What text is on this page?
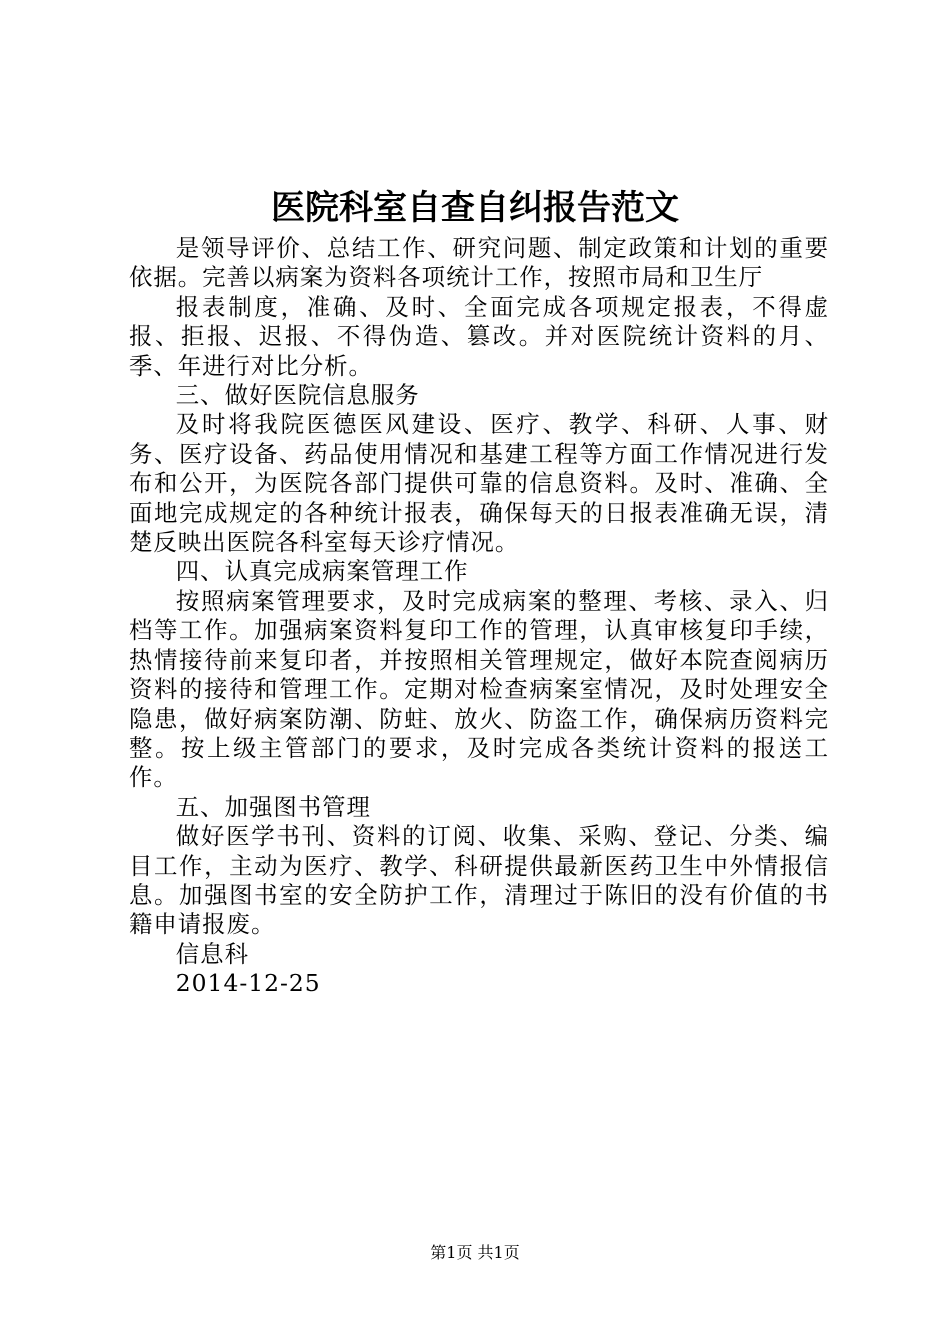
医院科室自查自纠报告范文

是领导评价、总结工作、研究问题、制定政策和计划的重要依据。完善以病案为资料各项统计工作，按照市局和卫生厅

报表制度，准确、及时、全面完成各项规定报表，不得虚报、拒报、迟报、不得伪造、篡改。并对医院统计资料的月、季、年进行对比分析。

三、做好医院信息服务

及时将我院医德医风建设、医疗、教学、科研、人事、财务、医疗设备、药品使用情况和基建工程等方面工作情况进行发布和公开，为医院各部门提供可靠的信息资料。及时、准确、全面地完成规定的各种统计报表，确保每天的日报表准确无误，清楚反映出医院各科室每天诊疗情况。

四、认真完成病案管理工作

按照病案管理要求，及时完成病案的整理、考核、录入、归档等工作。加强病案资料复印工作的管理，认真审核复印手续，热情接待前来复印者，并按照相关管理规定，做好本院查阅病历资料的接待和管理工作。定期对检查病案室情况，及时处理安全隐患，做好病案防潮、防蛀、放火、防盗工作，确保病历资料完整。按上级主管部门的要求，及时完成各类统计资料的报送工作。

五、加强图书管理

做好医学书刊、资料的订阅、收集、采购、登记、分类、编目工作，主动为医疗、教学、科研提供最新医药卫生中外情报信息。加强图书室的安全防护工作，清理过于陈旧的没有价值的书籍申请报废。

信息科

2014-12-25

第1页 共1页
